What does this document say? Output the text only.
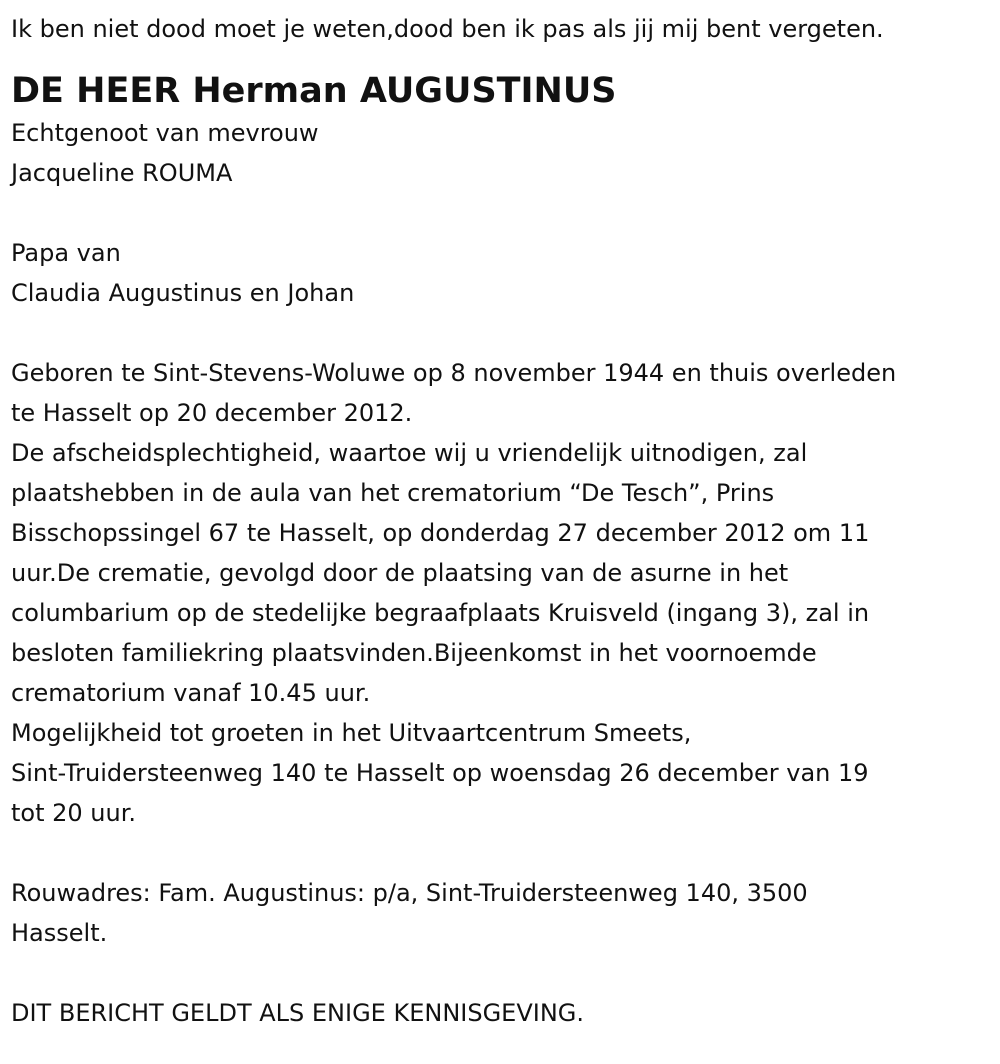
Ik ben niet dood moet je weten,dood ben ik pas als jij mij bent vergeten.

DE HEER Herman AUGUSTINUS
Echtgenoot van mevrouw
Jacqueline ROUMA
Papa van
Claudia Augustinus en Johan
Geboren te Sint-Stevens-Woluwe op 8 november 1944 en thuis overleden
te Hasselt op 20 december 2012.
De afscheidsplechtigheid, waartoe wij u vriendelijk uitnodigen, zal
plaatshebben in de aula van het crematorium “De Tesch”, Prins
Bisschopssingel 67 te Hasselt, op donderdag 27 december 2012 om 11
uur.De crematie, gevolgd door de plaatsing van de asurne in het
columbarium op de stedelijke begraafplaats Kruisveld (ingang 3), zal in
besloten familiekring plaatsvinden.Bijeenkomst in het voornoemde
crematorium vanaf 10.45 uur.
Mogelijkheid tot groeten in het Uitvaartcentrum Smeets,
Sint-Truidersteenweg 140 te Hasselt op woensdag 26 december van 19
tot 20 uur.
Rouwadres: Fam. Augustinus: p/a, Sint-Truidersteenweg 140, 3500
Hasselt.
DIT BERICHT GELDT ALS ENIGE KENNISGEVING.
